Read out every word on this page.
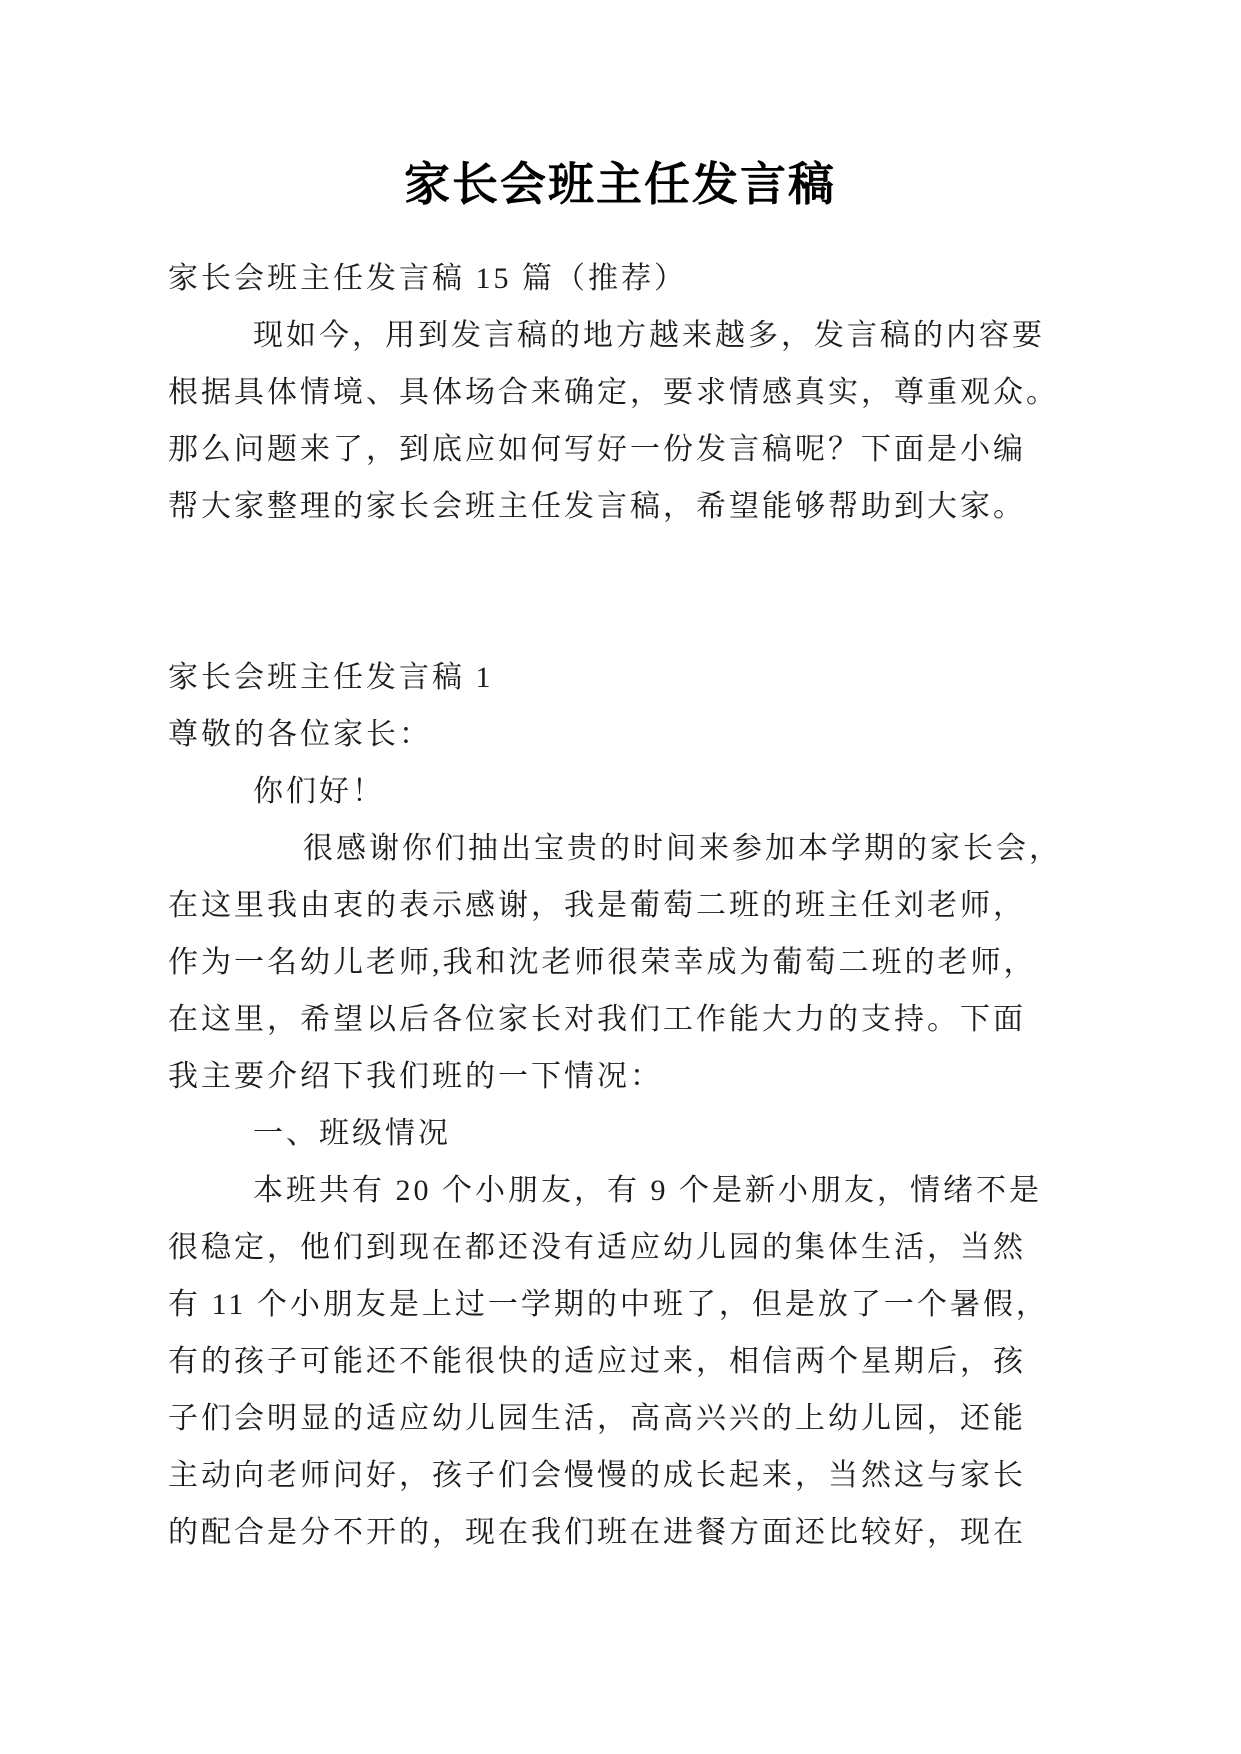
家长会班主任发言稿
家长会班主任发言稿 15 篇（推荐）
现如今，用到发言稿的地方越来越多，发言稿的内容要
根据具体情境、具体场合来确定，要求情感真实，尊重观众。
那么问题来了，到底应如何写好一份发言稿呢？下面是小编
帮大家整理的家长会班主任发言稿，希望能够帮助到大家。
家长会班主任发言稿 1
尊敬的各位家长：
你们好！
很感谢你们抽出宝贵的时间来参加本学期的家长会，
在这里我由衷的表示感谢，我是葡萄二班的班主任刘老师，
作为一名幼儿老师,我和沈老师很荣幸成为葡萄二班的老师，
在这里，希望以后各位家长对我们工作能大力的支持。下面
我主要介绍下我们班的一下情况：
一、班级情况
本班共有 20 个小朋友，有 9 个是新小朋友，情绪不是
很稳定，他们到现在都还没有适应幼儿园的集体生活，当然
有 11 个小朋友是上过一学期的中班了，但是放了一个暑假，
有的孩子可能还不能很快的适应过来，相信两个星期后，孩
子们会明显的适应幼儿园生活，高高兴兴的上幼儿园，还能
主动向老师问好，孩子们会慢慢的成长起来，当然这与家长
的配合是分不开的，现在我们班在进餐方面还比较好，现在
